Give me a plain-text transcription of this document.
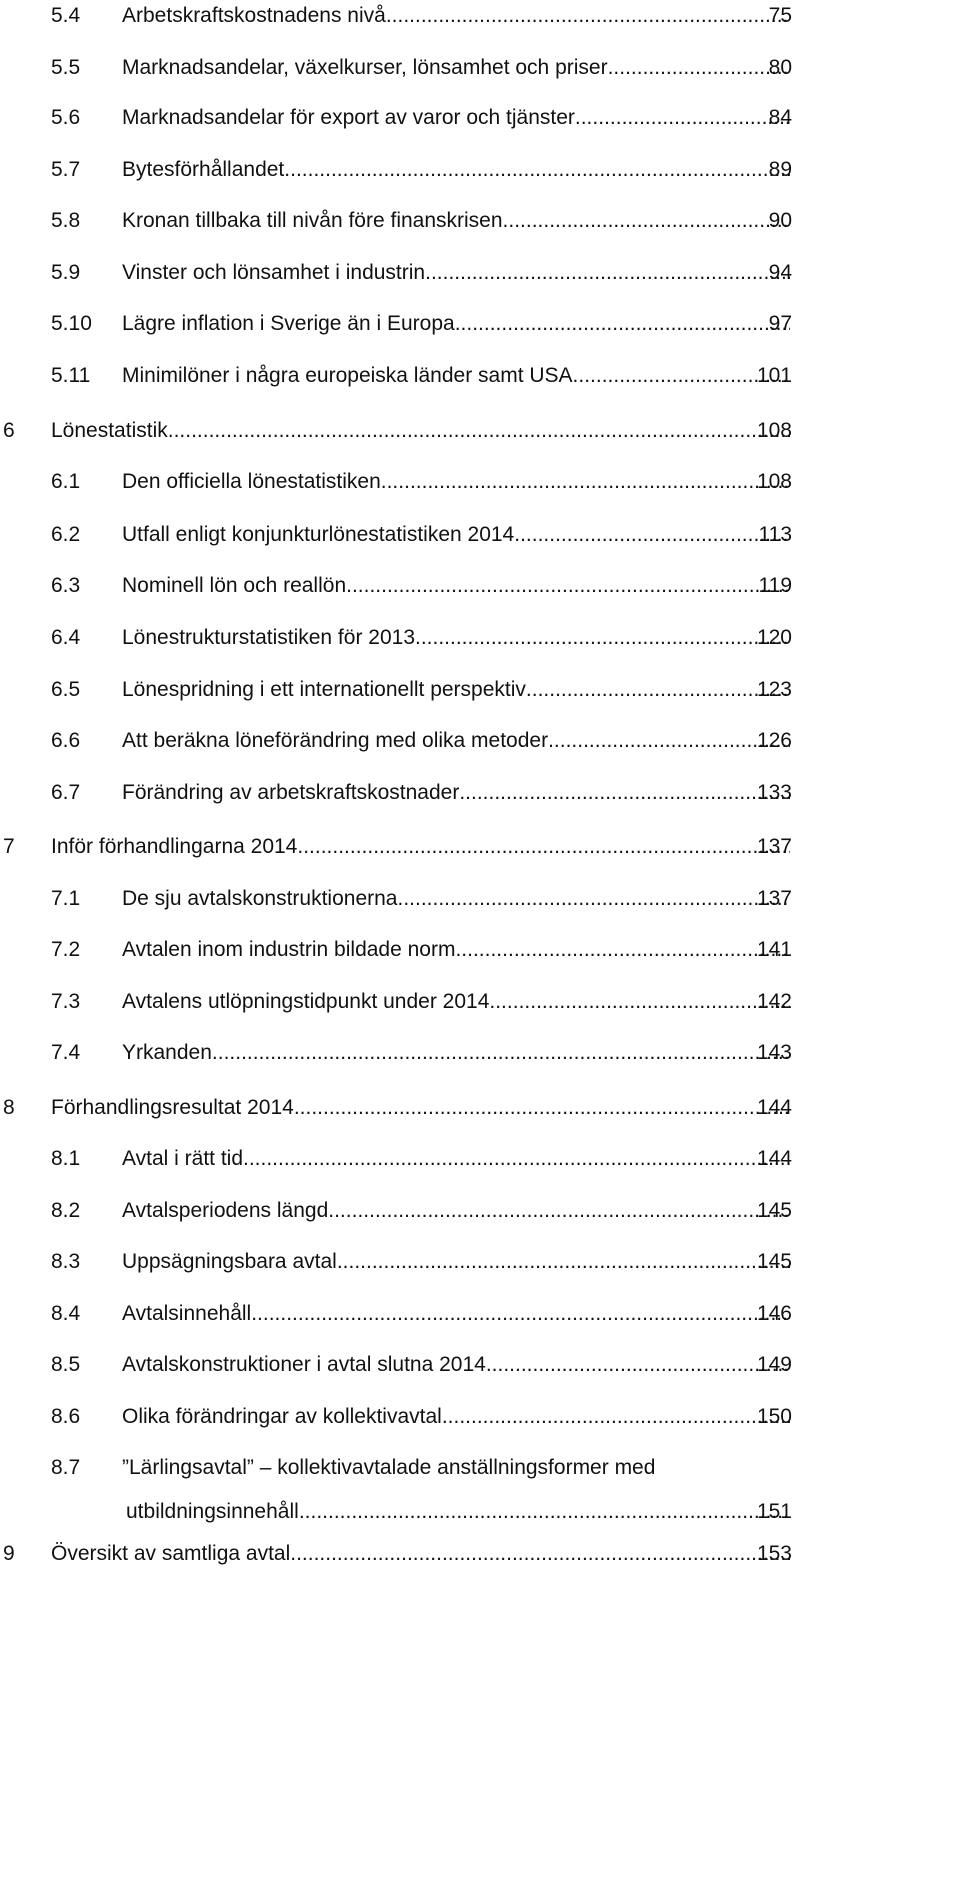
5.4 Arbetskraftskostnadens nivå .....	75
5.5 Marknadsandelar, växelkurser, lönsamhet och priser .....	80
5.6 Marknadsandelar för export av varor och tjänster .....	84
5.7 Bytesförhållandet .....	89
5.8 Kronan tillbaka till nivån före finanskrisen .....	90
5.9 Vinster och lönsamhet i industrin .....	94
5.10 Lägre inflation i Sverige än i Europa .....	97
5.11 Minimilöner i några europeiska länder samt USA .....	101
6 Lönestatistik .....	108
6.1 Den officiella lönestatistiken .....	108
6.2 Utfall enligt konjunkturlönestatistiken 2014 .....	113
6.3 Nominell lön och reallön .....	119
6.4 Lönestrukturstatistiken för 2013 .....	120
6.5 Lönespridning i ett internationellt perspektiv .....	123
6.6 Att beräkna löneförändring med olika metoder .....	126
6.7 Förändring av arbetskraftskostnader .....	133
7 Inför förhandlingarna 2014 .....	137
7.1 De sju avtalskonstruktionerna .....	137
7.2 Avtalen inom industrin bildade norm .....	141
7.3 Avtalens utlöpningstidpunkt under 2014 .....	142
7.4 Yrkanden .....	143
8 Förhandlingsresultat 2014 .....	144
8.1 Avtal i rätt tid .....	144
8.2 Avtalsperiodens längd .....	145
8.3 Uppsägningsbara avtal .....	145
8.4 Avtalsinnehåll .....	146
8.5 Avtalskonstruktioner i avtal slutna 2014 .....	149
8.6 Olika förändringar av kollektivavtal .....	150
8.7 ”Lärlingsavtal” – kollektivavtalade anställningsformer med
utbildningsinnehåll .....	151
9 Översikt av samtliga avtal .....	153
